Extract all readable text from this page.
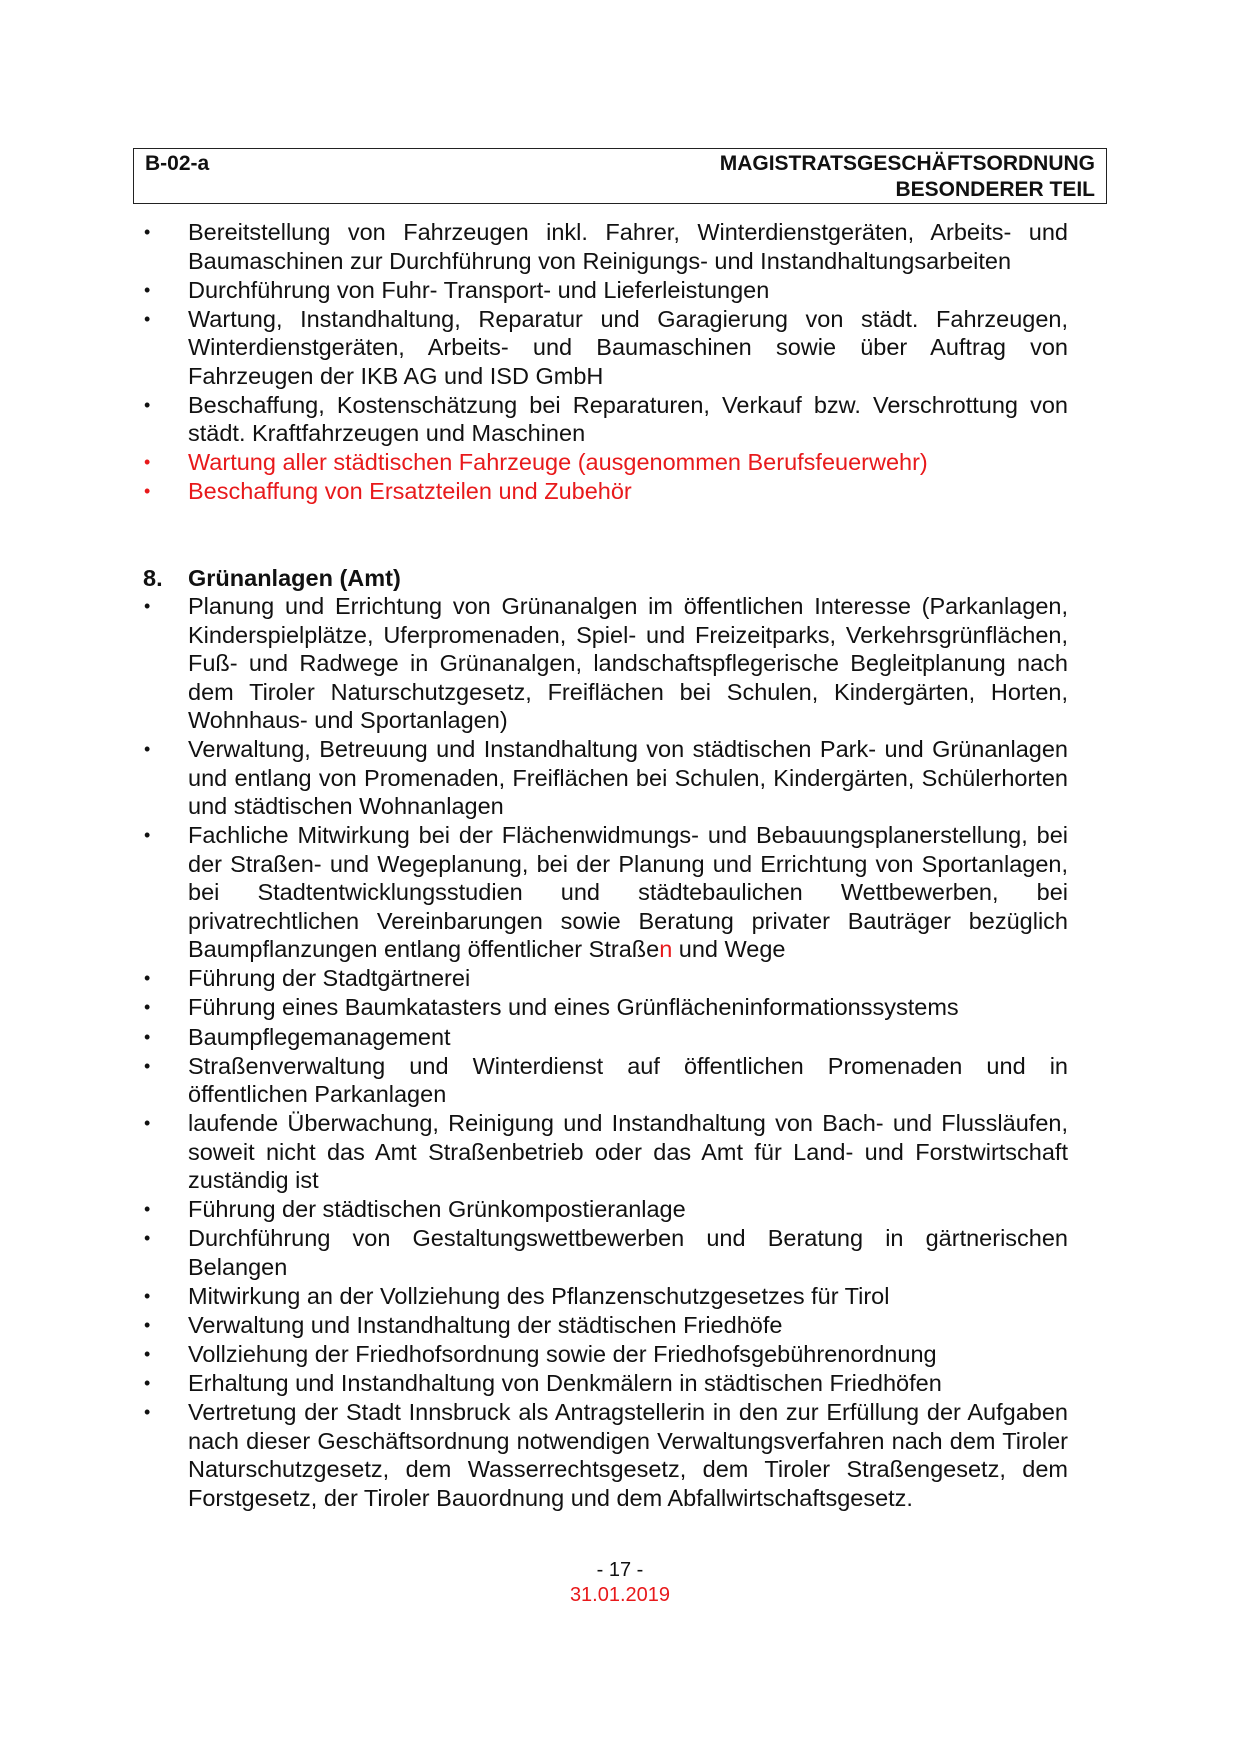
B-02-a	MAGISTRATSGESCHÄFTSORDNUNG
BESONDERER TEIL
• Bereitstellung von Fahrzeugen inkl. Fahrer, Winterdienstgeräten, Arbeits- und Baumaschinen zur Durchführung von Reinigungs- und Instandhaltungsarbeiten
• Durchführung von Fuhr- Transport- und Lieferleistungen
• Wartung, Instandhaltung, Reparatur und Garagierung von städt. Fahrzeugen, Winterdienstgeräten, Arbeits- und Baumaschinen sowie über Auftrag von Fahrzeugen der IKB AG und ISD GmbH
• Beschaffung, Kostenschätzung bei Reparaturen, Verkauf bzw. Verschrottung von städt. Kraftfahrzeugen und Maschinen
• Wartung aller städtischen Fahrzeuge (ausgenommen Berufsfeuerwehr)
• Beschaffung von Ersatzteilen und Zubehör
8. Grünanlagen (Amt)
• Planung und Errichtung von Grünanalgen im öffentlichen Interesse (Parkanlagen, Kinderspielplätze, Uferpromenaden, Spiel- und Freizeitparks, Verkehrsgrünflächen, Fuß- und Radwege in Grünanalgen, landschaftspflegerische Begleitplanung nach dem Tiroler Naturschutzgesetz, Freiflächen bei Schulen, Kindergärten, Horten, Wohnhaus- und Sportanlagen)
• Verwaltung, Betreuung und Instandhaltung von städtischen Park- und Grünanlagen und entlang von Promenaden, Freiflächen bei Schulen, Kindergärten, Schülerhorten und städtischen Wohnanlagen
• Fachliche Mitwirkung bei der Flächenwidmungs- und Bebauungsplanerstellung, bei der Straßen- und Wegeplanung, bei der Planung und Errichtung von Sportanlagen, bei Stadtentwicklungsstudien und städtebaulichen Wettbewerben, bei privatrechtlichen Vereinbarungen sowie Beratung privater Bauträger bezüglich Baumpflanzungen entlang öffentlicher Straßen und Wege
• Führung der Stadtgärtnerei
• Führung eines Baumkatasters und eines Grünflächeninformationssystems
• Baumpflegemanagement
• Straßenverwaltung und Winterdienst auf öffentlichen Promenaden und in öffentlichen Parkanlagen
• laufende Überwachung, Reinigung und Instandhaltung von Bach- und Flussläufen, soweit nicht das Amt Straßenbetrieb oder das Amt für Land- und Forstwirtschaft zuständig ist
• Führung der städtischen Grünkompostieranlage
• Durchführung von Gestaltungswettbewerben und Beratung in gärtnerischen Belangen
• Mitwirkung an der Vollziehung des Pflanzenschutzgesetzes für Tirol
• Verwaltung und Instandhaltung der städtischen Friedhöfe
• Vollziehung der Friedhofsordnung sowie der Friedhofsgebührenordnung
• Erhaltung und Instandhaltung von Denkmälern in städtischen Friedhöfen
• Vertretung der Stadt Innsbruck als Antragstellerin in den zur Erfüllung der Aufgaben nach dieser Geschäftsordnung notwendigen Verwaltungsverfahren nach dem Tiroler Naturschutzgesetz, dem Wasserrechtsgesetz, dem Tiroler Straßengesetz, dem Forstgesetz, der Tiroler Bauordnung und dem Abfallwirtschaftsgesetz.
- 17 -
31.01.2019
